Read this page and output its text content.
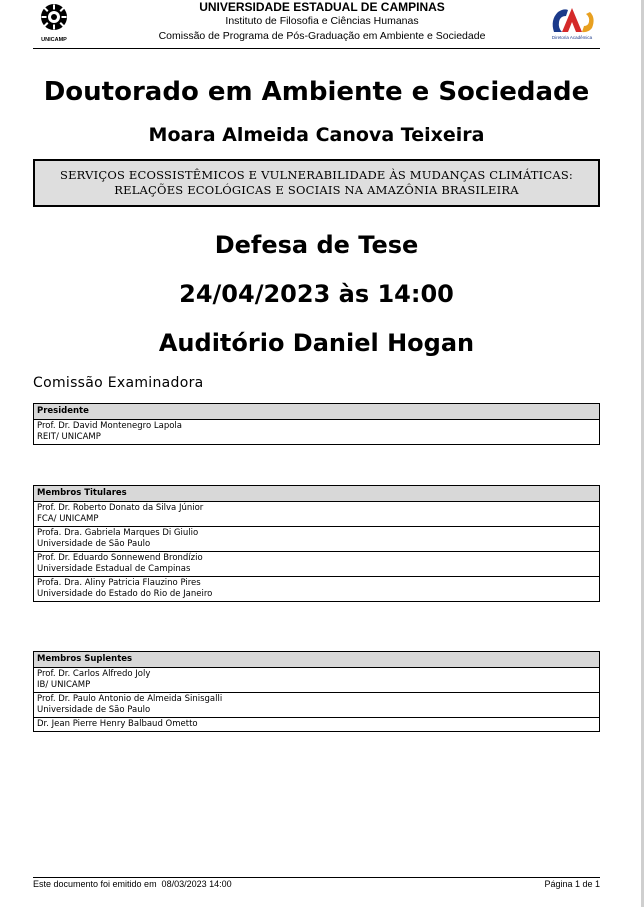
UNICAMP
UNIVERSIDADE ESTADUAL DE CAMPINAS
Instituto de Filosofia e Ciências Humanas
Comissão de Programa de Pós-Graduação em Ambiente e Sociedade	Diretoria Acadêmica
Doutorado em Ambiente e Sociedade
Moara Almeida Canova Teixeira
SERVIÇOS ECOSSISTÊMICOS E VULNERABILIDADE ÀS MUDANÇAS CLIMÁTICAS: RELAÇÕES ECOLÓGICAS E SOCIAIS NA AMAZÔNIA BRASILEIRA
Defesa de Tese
24/04/2023 às 14:00
Auditório Daniel Hogan
Comissão Examinadora
Presidente
Prof. Dr. David Montenegro Lapola
REIT/ UNICAMP
Membros Titulares
Prof. Dr. Roberto Donato da Silva Júnior
FCA/ UNICAMP
Profa. Dra. Gabriela Marques Di Giulio
Universidade de São Paulo
Prof. Dr. Eduardo Sonnewend Brondízio
Universidade Estadual de Campinas
Profa. Dra. Aliny Patricia Flauzino Pires
Universidade do Estado do Rio de Janeiro
Membros Suplentes
Prof. Dr. Carlos Alfredo Joly
IB/ UNICAMP
Prof. Dr. Paulo Antonio de Almeida Sinisgalli
Universidade de São Paulo
Dr. Jean Pierre Henry Balbaud Ometto
Este documento foi emitido em  08/03/2023 14:00	Página 1 de 1
